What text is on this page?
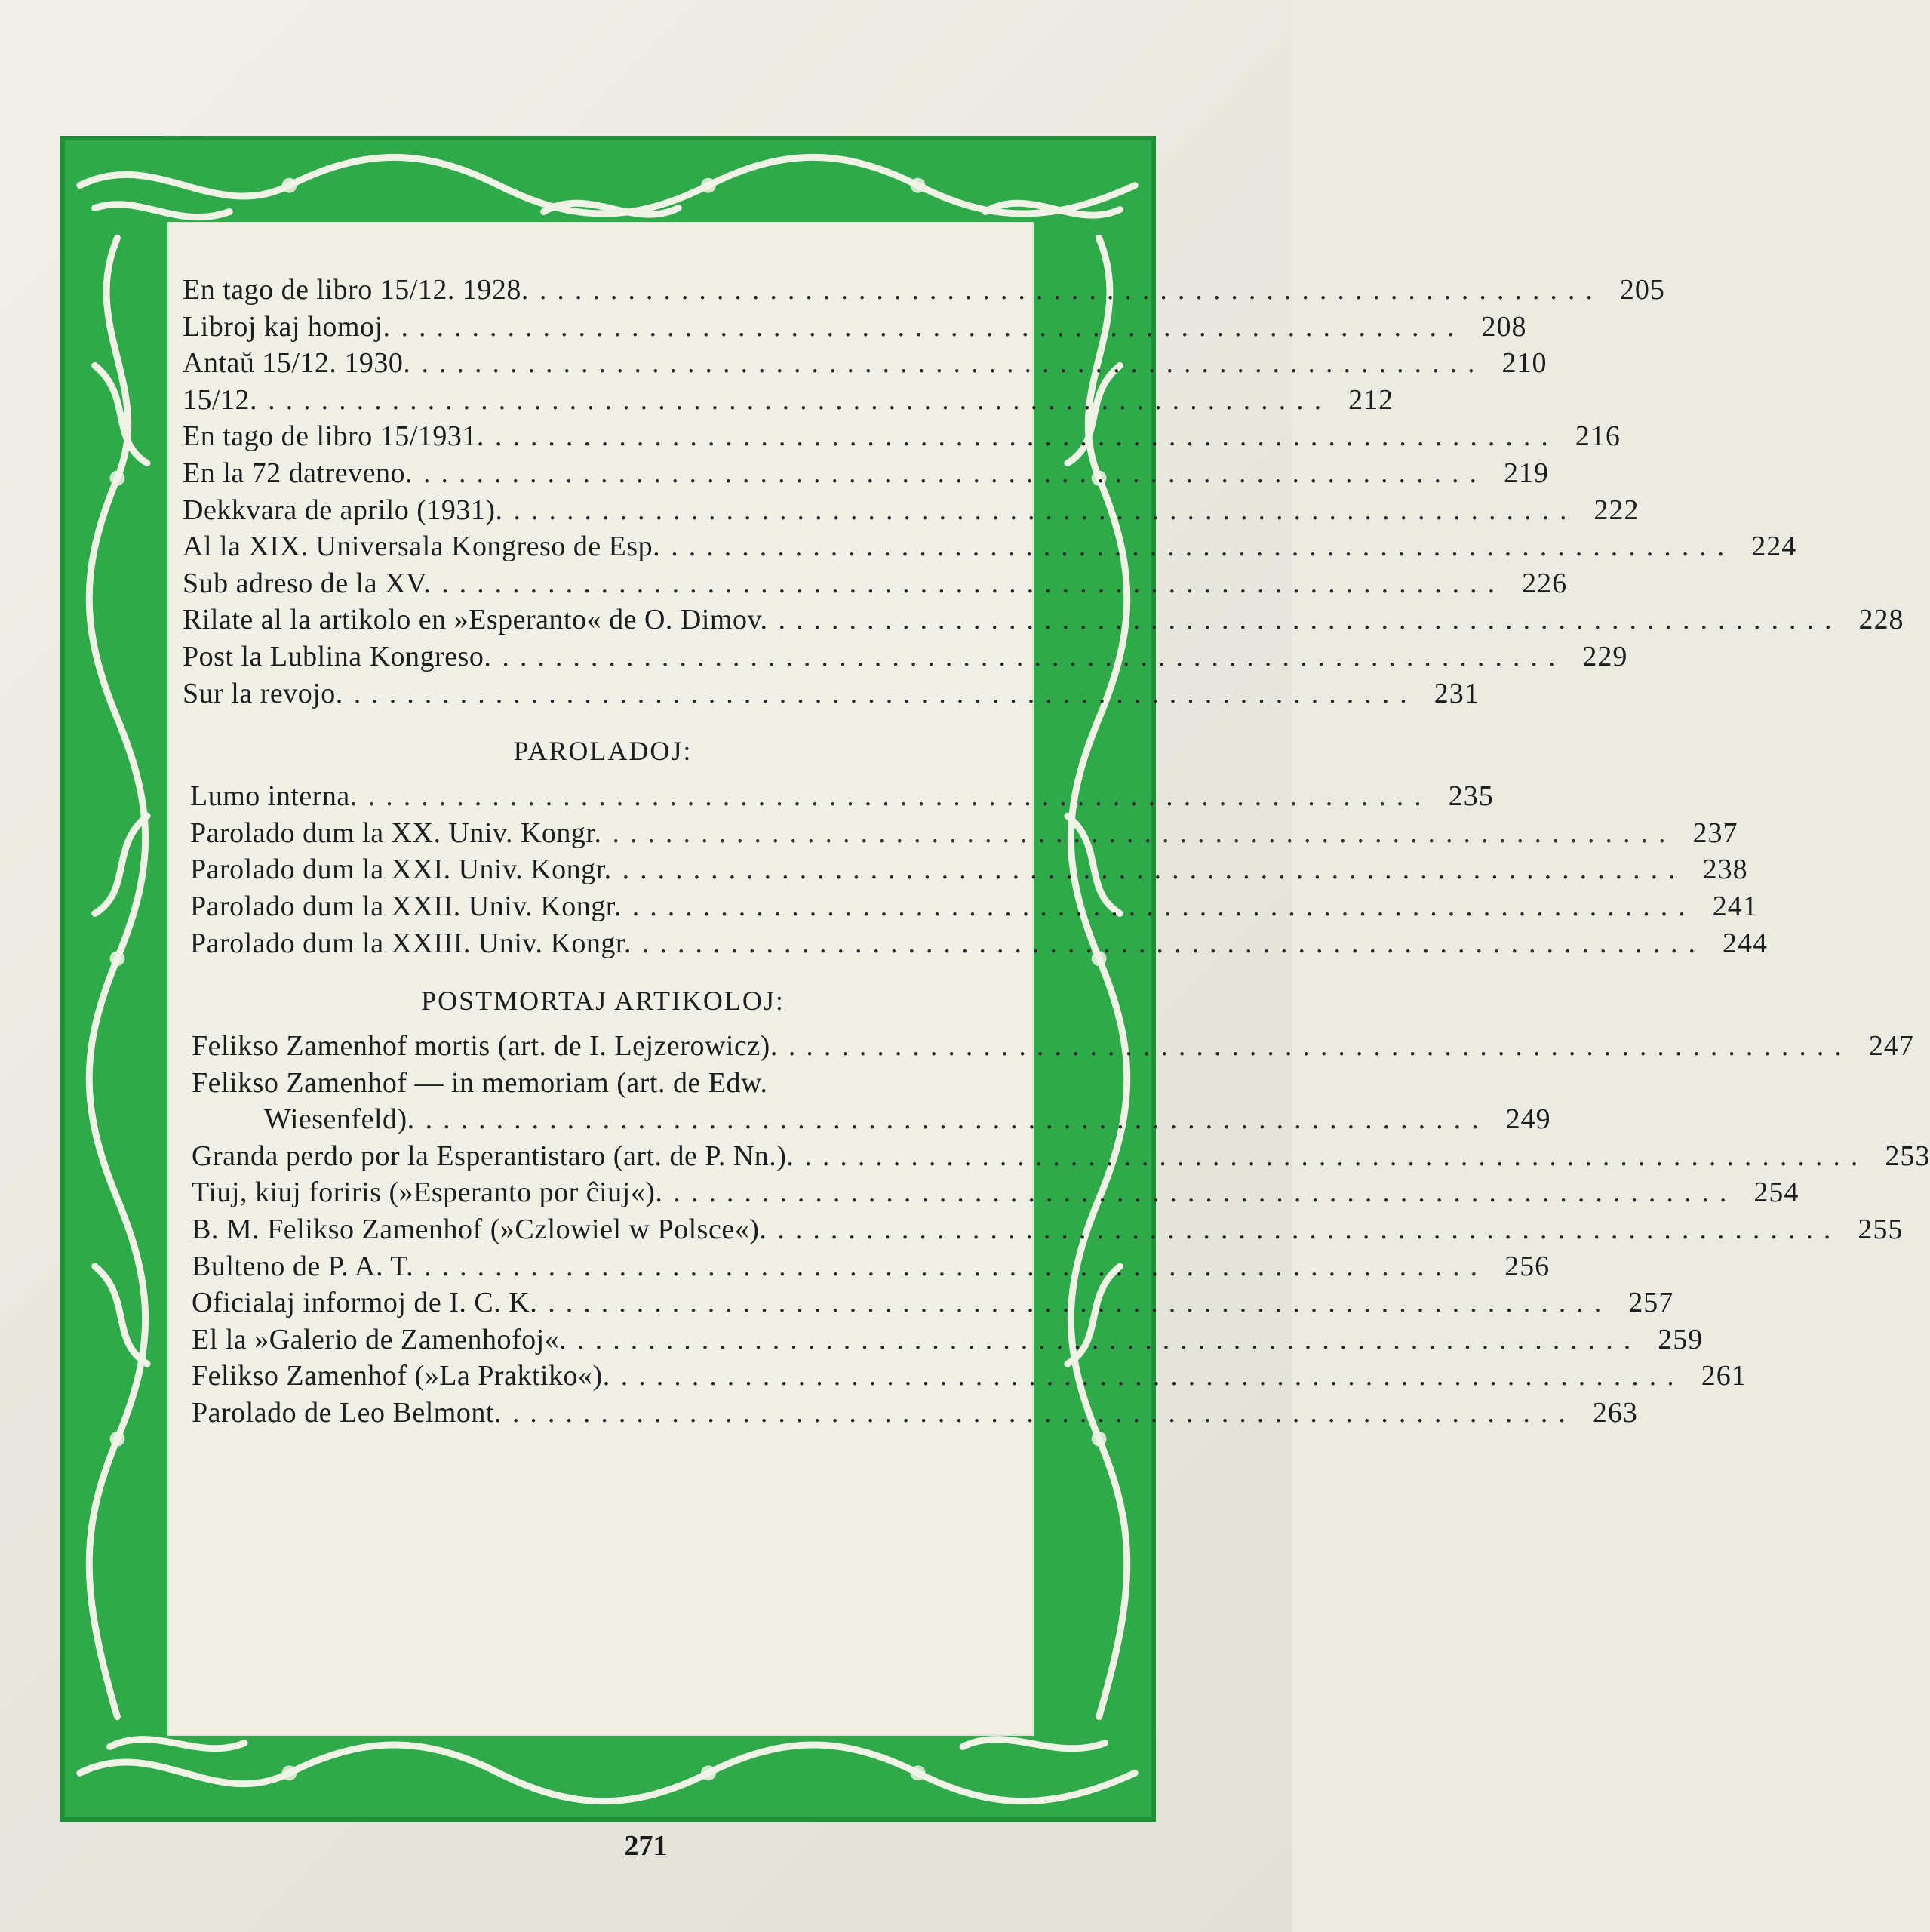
En tago de libro 15/12. 1928. ............................................................ 205
Libroj kaj homoj. ............................................................ 208
Antaŭ 15/12. 1930. ............................................................ 210
15/12. ............................................................ 212
En tago de libro 15/1931. ............................................................ 216
En la 72 datreveno. ............................................................ 219
Dekkvara de aprilo (1931). ............................................................ 222
Al la XIX. Universala Kongreso de Esp. ............................................................ 224
Sub adreso de la XV. ............................................................ 226
Rilate al la artikolo en »Esperanto« de O. Dimov. ............................................................ 228
Post la Lublina Kongreso. ............................................................ 229
Sur la revojo. ............................................................ 231
PAROLADOJ:
Lumo interna. ............................................................ 235
Parolado dum la XX. Univ. Kongr. ............................................................ 237
Parolado dum la XXI. Univ. Kongr. ............................................................ 238
Parolado dum la XXII. Univ. Kongr. ............................................................ 241
Parolado dum la XXIII. Univ. Kongr. ............................................................ 244
POSTMORTAJ ARTIKOLOJ:
Felikso Zamenhof mortis (art. de I. Lejzerowicz). ............................................................ 247
Felikso Zamenhof — in memoriam (art. de Edw.
Wiesenfeld). ............................................................ 249
Granda perdo por la Esperantistaro (art. de P. Nn.). ............................................................ 253
Tiuj, kiuj foriris (»Esperanto por ĉiuj«). ............................................................ 254
B. M. Felikso Zamenhof (»Czlowiel w Polsce«). ............................................................ 255
Bulteno de P. A. T. ............................................................ 256
Oficialaj informoj de I. C. K. ............................................................ 257
El la »Galerio de Zamenhofoj«. ............................................................ 259
Felikso Zamenhof (»La Praktiko«). ............................................................ 261
Parolado de Leo Belmont. ............................................................ 263
271
